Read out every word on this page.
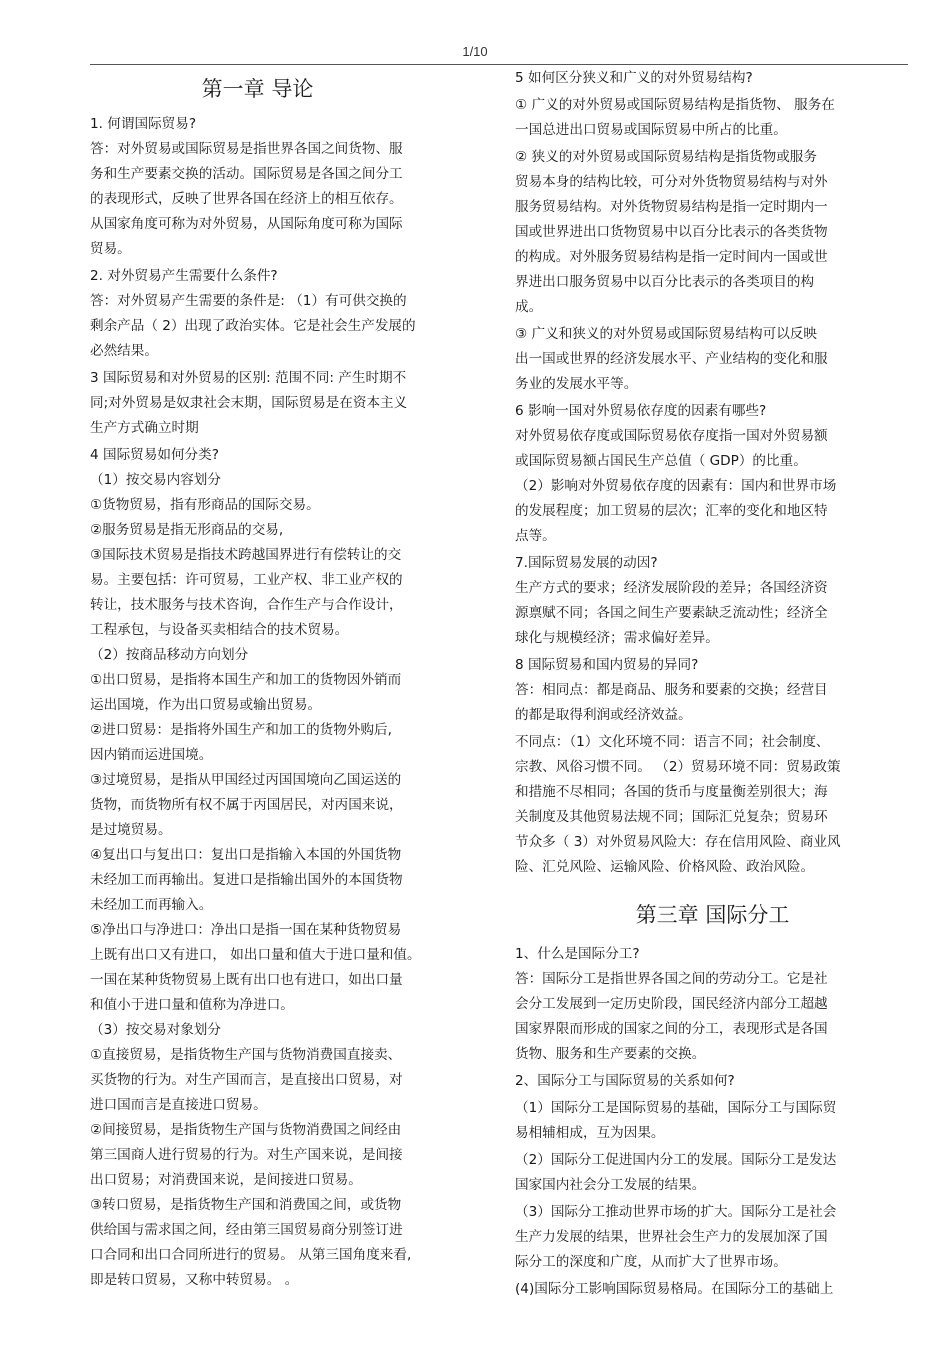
1/10
第一章 导论
1. 何谓国际贸易?
答：对外贸易或国际贸易是指世界各国之间货物、服
务和生产要素交换的活动。国际贸易是各国之间分工
的表现形式，反映了世界各国在经济上的相互依存。
从国家角度可称为对外贸易，从国际角度可称为国际
贸易。
2. 对外贸易产生需要什么条件?
答：对外贸易产生需要的条件是: （1）有可供交换的
剩余产品（ 2）出现了政治实体。它是社会生产发展的
必然结果。
3 国际贸易和对外贸易的区别: 范围不同: 产生时期不
同;对外贸易是奴隶社会末期，国际贸易是在资本主义
生产方式确立时期
4 国际贸易如何分类?
（1）按交易内容划分
①货物贸易，指有形商品的国际交易。
②服务贸易是指无形商品的交易,
③国际技术贸易是指技术跨越国界进行有偿转让的交
易。主要包括：许可贸易，工业产权、非工业产权的
转让，技术服务与技术咨询，合作生产与合作设计，
工程承包，与设备买卖相结合的技术贸易。
（2）按商品移动方向划分
①出口贸易，是指将本国生产和加工的货物因外销而
运出国境，作为出口贸易或输出贸易。
②进口贸易：是指将外国生产和加工的货物外购后,
因内销而运进国境。
③过境贸易，是指从甲国经过丙国国境向乙国运送的
货物，而货物所有权不属于丙国居民，对丙国来说，
是过境贸易。
④复出口与复出口：复出口是指输入本国的外国货物
未经加工而再输出。复进口是指输出国外的本国货物
未经加工而再输入。
⑤净出口与净进口：净出口是指一国在某种货物贸易
上既有出口又有进口， 如出口量和值大于进口量和值。
一国在某种货物贸易上既有出口也有进口，如出口量
和值小于进口量和值称为净进口。
（3）按交易对象划分
①直接贸易，是指货物生产国与货物消费国直接卖、
买货物的行为。对生产国而言，是直接出口贸易，对
进口国而言是直接进口贸易。
②间接贸易，是指货物生产国与货物消费国之间经由
第三国商人进行贸易的行为。对生产国来说，是间接
出口贸易；对消费国来说，是间接进口贸易。
③转口贸易，是指货物生产国和消费国之间，或货物
供给国与需求国之间，经由第三国贸易商分别签订进
口合同和出口合同所进行的贸易。 从第三国角度来看,
即是转口贸易，又称中转贸易。 。
5 如何区分狭义和广义的对外贸易结构?
① 广义的对外贸易或国际贸易结构是指货物、 服务在
一国总进出口贸易或国际贸易中所占的比重。
② 狭义的对外贸易或国际贸易结构是指货物或服务
贸易本身的结构比较，可分对外货物贸易结构与对外
服务贸易结构。对外货物贸易结构是指一定时期内一
国或世界进出口货物贸易中以百分比表示的各类货物
的构成。对外服务贸易结构是指一定时间内一国或世
界进出口服务贸易中以百分比表示的各类项目的构
成。
③ 广义和狭义的对外贸易或国际贸易结构可以反映
出一国或世界的经济发展水平、产业结构的变化和服
务业的发展水平等。
6 影响一国对外贸易依存度的因素有哪些?
对外贸易依存度或国际贸易依存度指一国对外贸易额
或国际贸易额占国民生产总值（ GDP）的比重。
（2）影响对外贸易依存度的因素有：国内和世界市场
的发展程度；加工贸易的层次；汇率的变化和地区特
点等。
7.国际贸易发展的动因?
生产方式的要求；经济发展阶段的差异；各国经济资
源禀赋不同；各国之间生产要素缺乏流动性；经济全
球化与规模经济；需求偏好差异。
8 国际贸易和国内贸易的异同?
答：相同点：都是商品、服务和要素的交换；经营目
的都是取得利润或经济效益。
不同点：（1）文化环境不同：语言不同；社会制度、
宗教、风俗习惯不同。 （2）贸易环境不同：贸易政策
和措施不尽相同；各国的货币与度量衡差别很大；海
关制度及其他贸易法规不同；国际汇兑复杂；贸易环
节众多（ 3）对外贸易风险大：存在信用风险、商业风
险、汇兑风险、运输风险、价格风险、政治风险。
第三章 国际分工
1、什么是国际分工?
答：国际分工是指世界各国之间的劳动分工。它是社
会分工发展到一定历史阶段，国民经济内部分工超越
国家界限而形成的国家之间的分工，表现形式是各国
货物、服务和生产要素的交换。
2、国际分工与国际贸易的关系如何?
（1）国际分工是国际贸易的基础，国际分工与国际贸
易相辅相成，互为因果。
（2）国际分工促进国内分工的发展。国际分工是发达
国家国内社会分工发展的结果。
（3）国际分工推动世界市场的扩大。国际分工是社会
生产力发展的结果，世界社会生产力的发展加深了国
际分工的深度和广度，从而扩大了世界市场。
(4)国际分工影响国际贸易格局。在国际分工的基础上
